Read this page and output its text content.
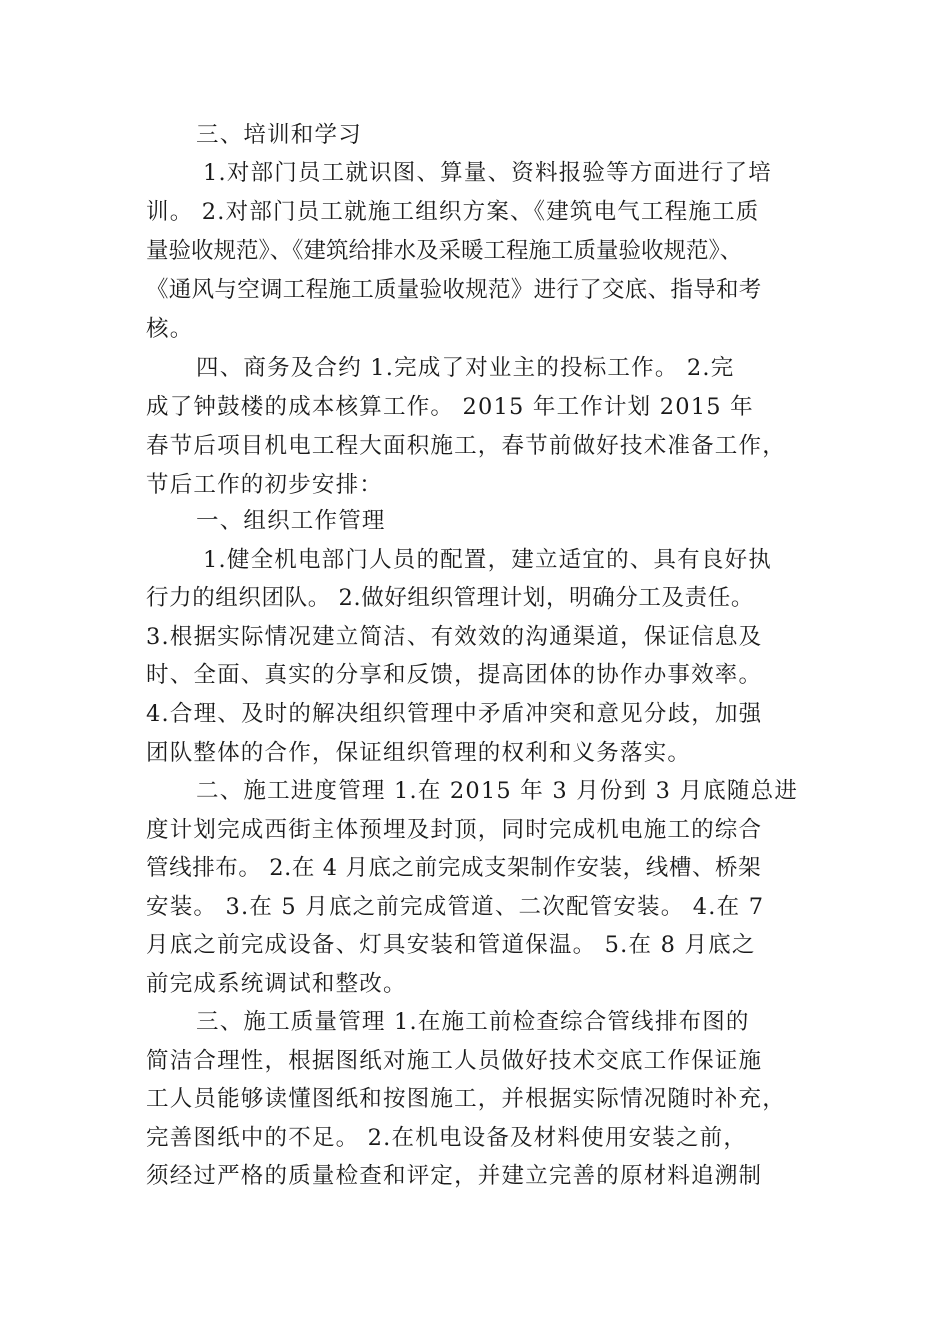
三、培训和学习
1.对部门员工就识图、算量、资料报验等方面进行了培
训。 2.对部门员工就施工组织方案、《建筑电气工程施工质
量验收规范》、《建筑给排水及采暖工程施工质量验收规范》、
《通风与空调工程施工质量验收规范》进行了交底、指导和考
核。
四、商务及合约 1.完成了对业主的投标工作。 2.完
成了钟鼓楼的成本核算工作。 2015 年工作计划 2015 年
春节后项目机电工程大面积施工，春节前做好技术准备工作，
节后工作的初步安排：
一、组织工作管理
1.健全机电部门人员的配置，建立适宜的、具有良好执
行力的组织团队。 2.做好组织管理计划，明确分工及责任。
3.根据实际情况建立简洁、有效效的沟通渠道，保证信息及
时、全面、真实的分享和反馈，提高团体的协作办事效率。
4.合理、及时的解决组织管理中矛盾冲突和意见分歧，加强
团队整体的合作，保证组织管理的权利和义务落实。
二、施工进度管理 1.在 2015 年 3 月份到 3 月底随总进
度计划完成西街主体预埋及封顶，同时完成机电施工的综合
管线排布。 2.在 4 月底之前完成支架制作安装，线槽、桥架
安装。 3.在 5 月底之前完成管道、二次配管安装。 4.在 7
月底之前完成设备、灯具安装和管道保温。 5.在 8 月底之
前完成系统调试和整改。
三、施工质量管理 1.在施工前检查综合管线排布图的
简洁合理性，根据图纸对施工人员做好技术交底工作保证施
工人员能够读懂图纸和按图施工，并根据实际情况随时补充，
完善图纸中的不足。 2.在机电设备及材料使用安装之前，
须经过严格的质量检查和评定，并建立完善的原材料追溯制
